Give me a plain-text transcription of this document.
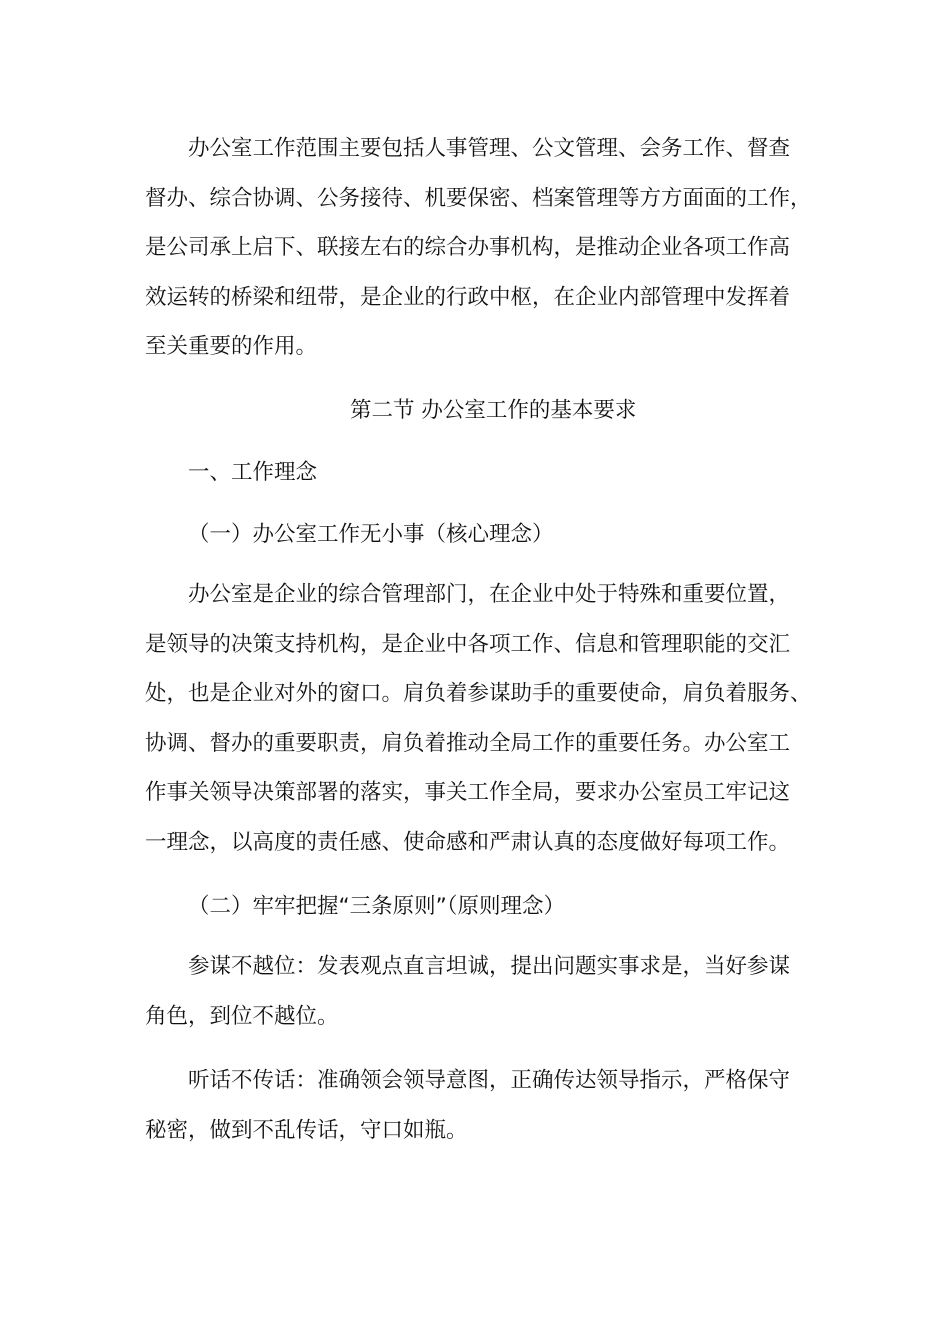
办公室工作范围主要包括人事管理、公文管理、会务工作、督查
督办、综合协调、公务接待、机要保密、档案管理等方方面面的工作，
是公司承上启下、联接左右的综合办事机构，是推动企业各项工作高
效运转的桥梁和纽带，是企业的行政中枢，在企业内部管理中发挥着
至关重要的作用。

第二节 办公室工作的基本要求

一、工作理念

（一）办公室工作无小事（核心理念）

办公室是企业的综合管理部门，在企业中处于特殊和重要位置，
是领导的决策支持机构，是企业中各项工作、信息和管理职能的交汇
处，也是企业对外的窗口。肩负着参谋助手的重要使命，肩负着服务、
协调、督办的重要职责，肩负着推动全局工作的重要任务。办公室工
作事关领导决策部署的落实，事关工作全局，要求办公室员工牢记这
一理念，以高度的责任感、使命感和严肃认真的态度做好每项工作。

（二）牢牢把握“三条原则”（原则理念）

参谋不越位：发表观点直言坦诚，提出问题实事求是，当好参谋
角色，到位不越位。

听话不传话：准确领会领导意图，正确传达领导指示，严格保守
秘密，做到不乱传话，守口如瓶。
